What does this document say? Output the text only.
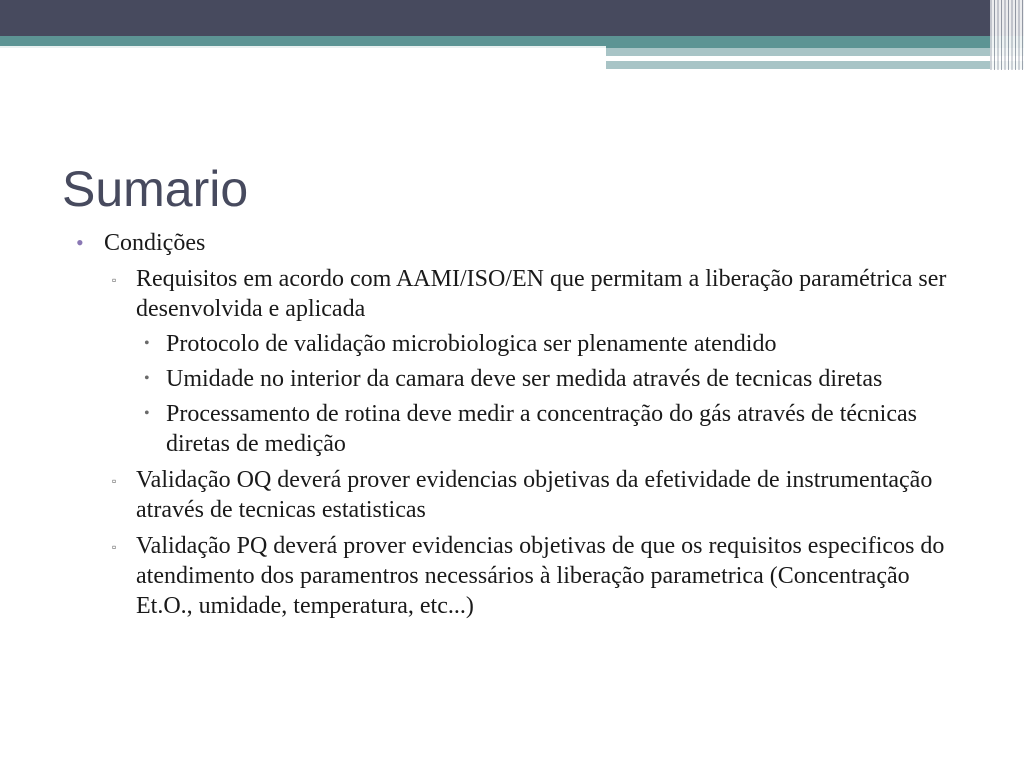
Sumario
• Condições
▫ Requisitos em acordo com AAMI/ISO/EN que permitam a liberação paramétrica ser desenvolvida e aplicada
• Protocolo de validação microbiologica ser plenamente atendido
• Umidade no interior da camara deve ser medida através de tecnicas diretas
• Processamento de rotina deve medir a concentração do gás através de técnicas diretas de medição
▫ Validação OQ deverá prover evidencias objetivas da efetividade de instrumentação através de tecnicas estatisticas
▫ Validação PQ deverá prover evidencias objetivas de que os requisitos especificos do atendimento dos paramentros necessários à liberação parametrica (Concentração Et.O., umidade, temperatura, etc...)
